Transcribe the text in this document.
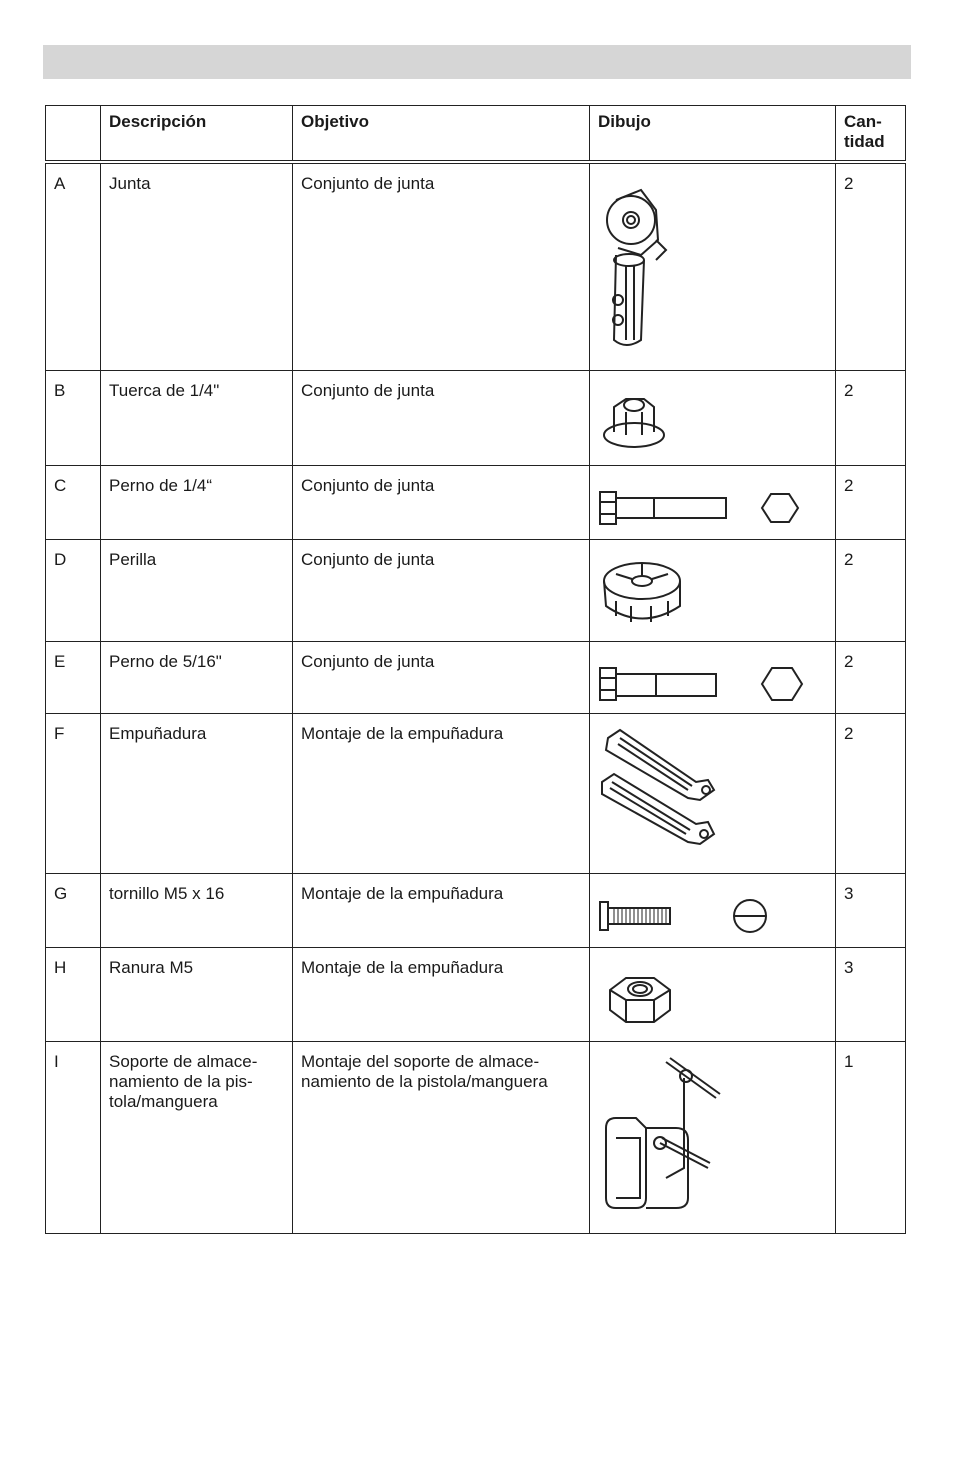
	Descripción	Objetivo	Dibujo	Can-
tidad
A	Junta	Conjunto de junta		2
B	Tuerca de 1/4"	Conjunto de junta		2
C	Perno de 1/4“	Conjunto de junta		2
D	Perilla	Conjunto de junta		2
E	Perno de 5/16"	Conjunto de junta		2
F	Empuñadura	Montaje de la empuñadura		2
G	tornillo M5 x 16	Montaje de la empuñadura		3
H	Ranura M5	Montaje de la empuñadura		3
I	Soporte de almace-
namiento de la pis-
tola/manguera	Montaje del soporte de almace-
namiento de la pistola/manguera		1
